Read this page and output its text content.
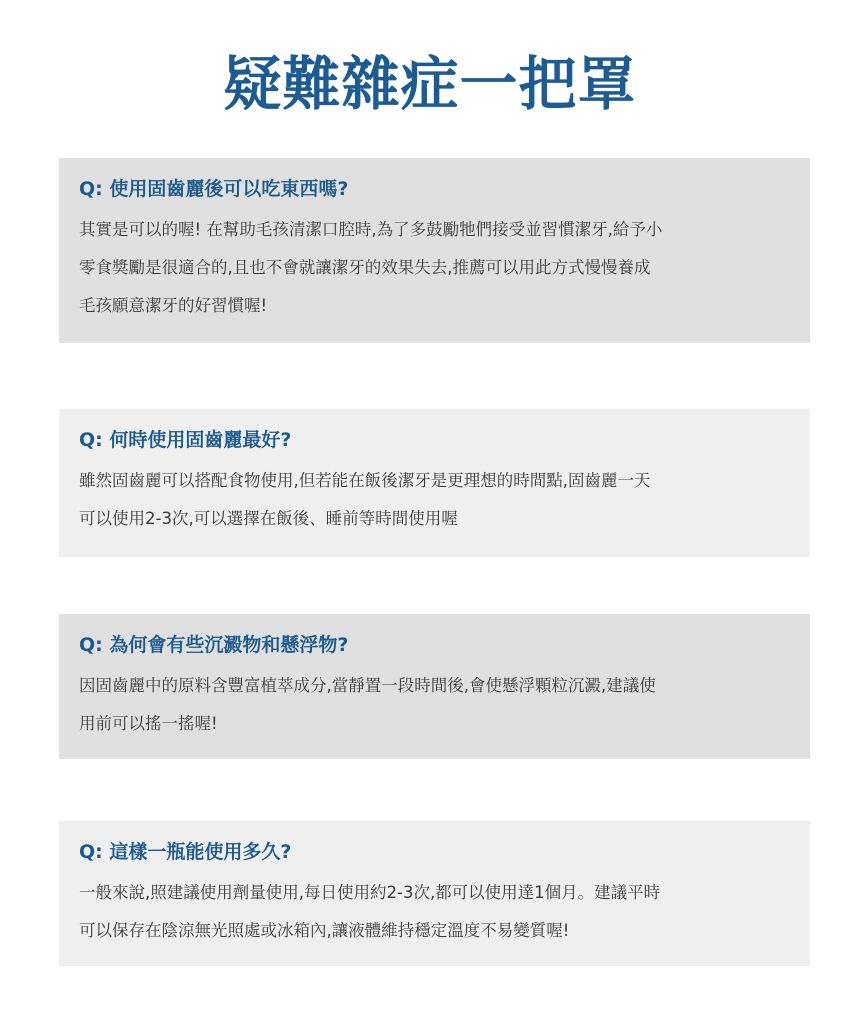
疑難雜症一把罩
Q: 使用固齒麗後可以吃東西嗎?
其實是可以的喔! 在幫助毛孩清潔口腔時,為了多鼓勵牠們接受並習慣潔牙,給予小
零食獎勵是很適合的,且也不會就讓潔牙的效果失去,推薦可以用此方式慢慢養成
毛孩願意潔牙的好習慣喔!
Q: 何時使用固齒麗最好?
雖然固齒麗可以搭配食物使用,但若能在飯後潔牙是更理想的時間點,固齒麗一天
可以使用2-3次,可以選擇在飯後、睡前等時間使用喔
Q: 為何會有些沉澱物和懸浮物?
因固齒麗中的原料含豐富植萃成分,當靜置一段時間後,會使懸浮顆粒沉澱,建議使
用前可以搖一搖喔!
Q: 這樣一瓶能使用多久?
一般來說,照建議使用劑量使用,每日使用約2-3次,都可以使用達1個月。建議平時
可以保存在陰涼無光照處或冰箱內,讓液體維持穩定溫度不易變質喔!
